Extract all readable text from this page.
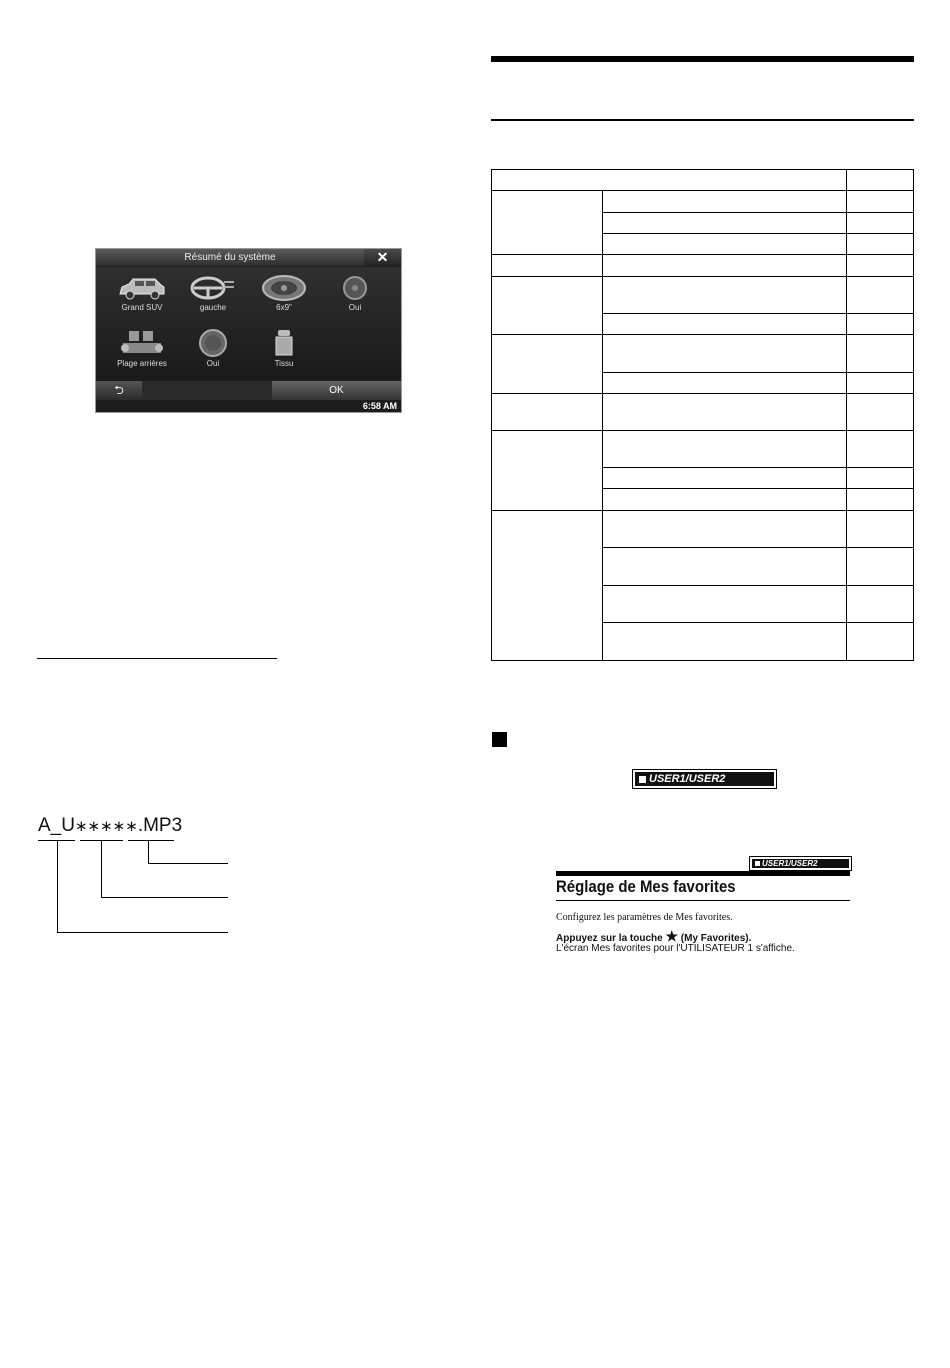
Résumé du système	✕
Grand SUV	gauche	6x9"	Oui
Plage arrières	Oui	Tissu
⮌	OK
6:58 AM
A_U∗∗∗∗∗.MP3

USER1/USER2
USER1/USER2
Réglage de Mes favorites
Configurez les paramètres de Mes favorites.
Appuyez sur la touche ★ (My Favorites).
L'écran Mes favorites pour l'UTILISATEUR 1 s'affiche.
